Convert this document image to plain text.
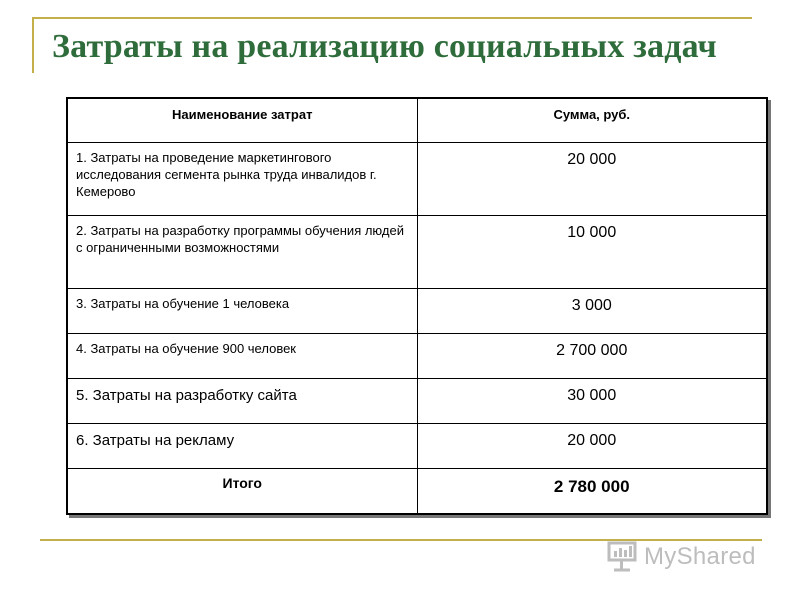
Затраты на реализацию социальных задач
Наименование затрат	Сумма, руб.
1. Затраты на проведение маркетингового исследования сегмента рынка труда инвалидов г. Кемерово	20 000
2. Затраты на разработку программы обучения людей с ограниченными возможностями	10 000
3. Затраты на обучение 1 человека	3 000
4. Затраты на обучение 900 человек	2 700 000
5. Затраты на разработку сайта	30 000
6. Затраты на рекламу	20 000
Итого	2 780 000
MyShared
